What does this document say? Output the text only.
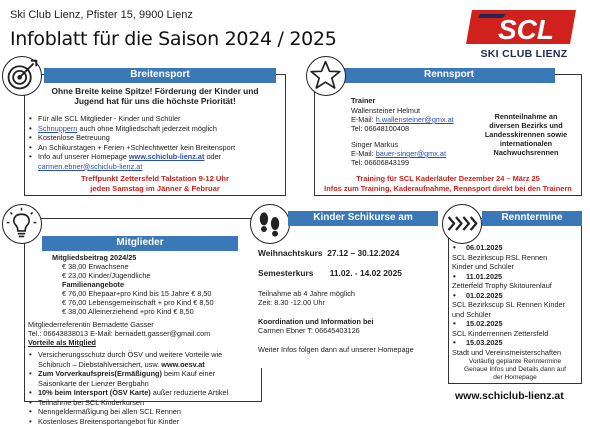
Ski Club Lienz, Pfister 15, 9900 Lienz
Infoblatt für die Saison 2024 / 2025	SCL
SKI CLUB LIENZ
Breitensport
Ohne Breite keine Spitze! Förderung der Kinder und
Jugend hat für uns die höchste Priorität!
• Für alle SCL Mitglieder - Kinder und Schüler
• Schnuppern auch ohne Mitgliedschaft jederzeit möglich
• Kostenlose Betreuung
• An Schikurstagen + Ferien +Schlechtwetter kein Breitensport
• Info auf unserer Homepage www.schiclub-lienz.at oder
carmen.ebner@schiclub-lienz.at
Treffpunkt Zettersfeld Talstation 9-12 Uhr
jeden Samstag im Jänner & Februar
Rennsport
Trainer
Wallensteiner Helmut
E-Mail: h.wallensteiner@gmx.at
Tel: 06648100408
Singer Markus
E-Mail: bauer-singer@gmx.at
Tel: 06606843199
Rennteilnahme an
diversen Bezirks und
Landesskirennen sowie
internationalen
Nachwuchsrennen
Training für SCL Kaderläufer Dezember 24 – März 25
Infos zum Training, Kaderaufnahme, Rennsport direkt bei den Trainern
Mitglieder
Mitgliedsbeitrag 2024/25
€ 38,00 Erwachsene
€ 23,00 Kinder/Jugendliche
Familienangebote
€ 76,00 Ehepaar+pro Kind bis 15 Jahre € 8,50
€ 76,00 Lebensgemeinschaft + pro Kind € 8,50
€ 38,00 Alleinerziehend +pro Kind € 8,50
Mitgliederreferentin Bernadette Gasser
Tel.: 06643838013 E-Mail: bernadett.gasser@gmail.com
Vorteile als Mitglied
• Versicherungsschutz durch ÖSV und weitere Vorteile wie
Schibruch – Diebstahlversichert, usw. www.oesv.at
• Zum Vorverkaufspreis(Ermäßigung) beim Kauf einer
Saisonkarte der Lienzer Bergbahn
• 10% beim Intersport (ÖSV Karte) außer reduzierte Artikel
• Teilnahme bei SCL Kinderkursen
• Nenngeldermäßigung bei allen SCL Rennen
• Kostenloses Breitensportangebot für Kinder
Kinder Schikurse am Zettersfeld
Weihnachtskurs 27.12 – 30.12.2024
Semesterkurs 11.02. - 14.02 2025
Teilnahme ab 4 Jahre möglich
Zeit: 8.30 -12.00 Uhr
Koordination und Information bei
Carmen Ebner T: 06645403126
Weiter Infos folgen dann auf unserer Homepage
Renntermine
• 06.01.2025
SCL Bezirkscup RSL Rennen
Kinder und Schüler
• 11.01.2025
Zetterfeld Trophy Skitourenlauf
• 01.02.2025
SCL Bezirkscup SL Rennen Kinder
und Schüler
• 15.02.2025
SCL Kinderrennen Zettersfeld
• 15.03.2025
Stadt und Vereinsmeisterschaften
Vorläufig geplante Renntermine
Genaue Infos und Details dann auf
der Homepage
www.schiclub-lienz.at
